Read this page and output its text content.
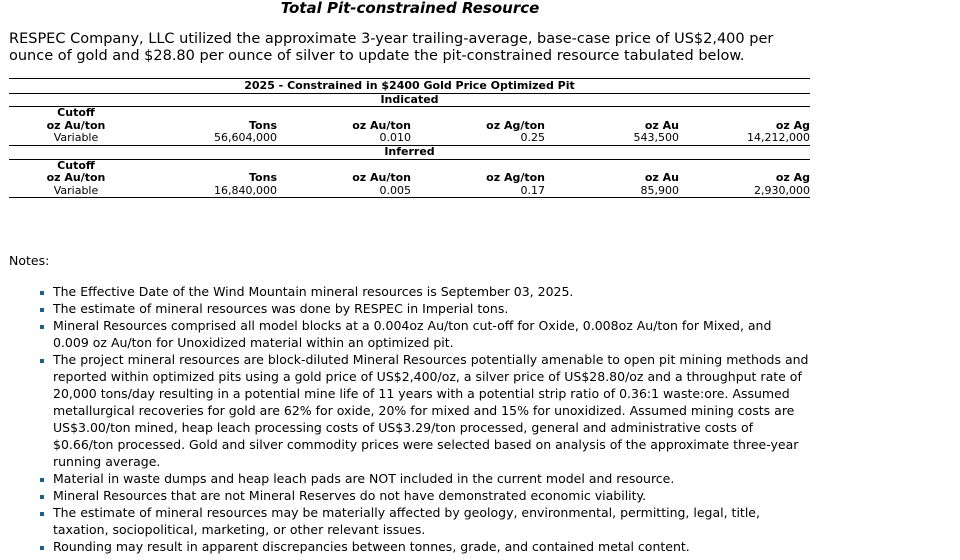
Total Pit-constrained Resource

RESPEC Company, LLC utilized the approximate 3-year trailing-average, base-case price of US$2,400 per ounce of gold and $28.80 per ounce of silver to update the pit-constrained resource tabulated below.

2025 - Constrained in $2400 Gold Price Optimized Pit					
Indicated					
Cutoff					
oz Au/ton	Tons	oz Au/ton	oz Ag/ton	oz Au	oz Ag
Variable	56,604,000	0.010	0.25	543,500	14,212,000
Inferred					
Cutoff					
oz Au/ton	Tons	oz Au/ton	oz Ag/ton	oz Au	oz Ag
Variable	16,840,000	0.005	0.17	85,900	2,930,000
Notes:
The Effective Date of the Wind Mountain mineral resources is September 03, 2025.
The estimate of mineral resources was done by RESPEC in Imperial tons.
Mineral Resources comprised all model blocks at a 0.004oz Au/ton cut-off for Oxide, 0.008oz Au/ton for Mixed, and 0.009 oz Au/ton for Unoxidized material within an optimized pit.
The project mineral resources are block-diluted Mineral Resources potentially amenable to open pit mining methods and reported within optimized pits using a gold price of US$2,400/oz, a silver price of US$28.80/oz and a throughput rate of 20,000 tons/day resulting in a potential mine life of 11 years with a potential strip ratio of 0.36:1 waste:ore. Assumed metallurgical recoveries for gold are 62% for oxide, 20% for mixed and 15% for unoxidized. Assumed mining costs are US$3.00/ton mined, heap leach processing costs of US$3.29/ton processed, general and administrative costs of $0.66/ton processed. Gold and silver commodity prices were selected based on analysis of the approximate three-year running average.
Material in waste dumps and heap leach pads are NOT included in the current model and resource.
Mineral Resources that are not Mineral Reserves do not have demonstrated economic viability.
The estimate of mineral resources may be materially affected by geology, environmental, permitting, legal, title, taxation, sociopolitical, marketing, or other relevant issues.
Rounding may result in apparent discrepancies between tonnes, grade, and contained metal content.
